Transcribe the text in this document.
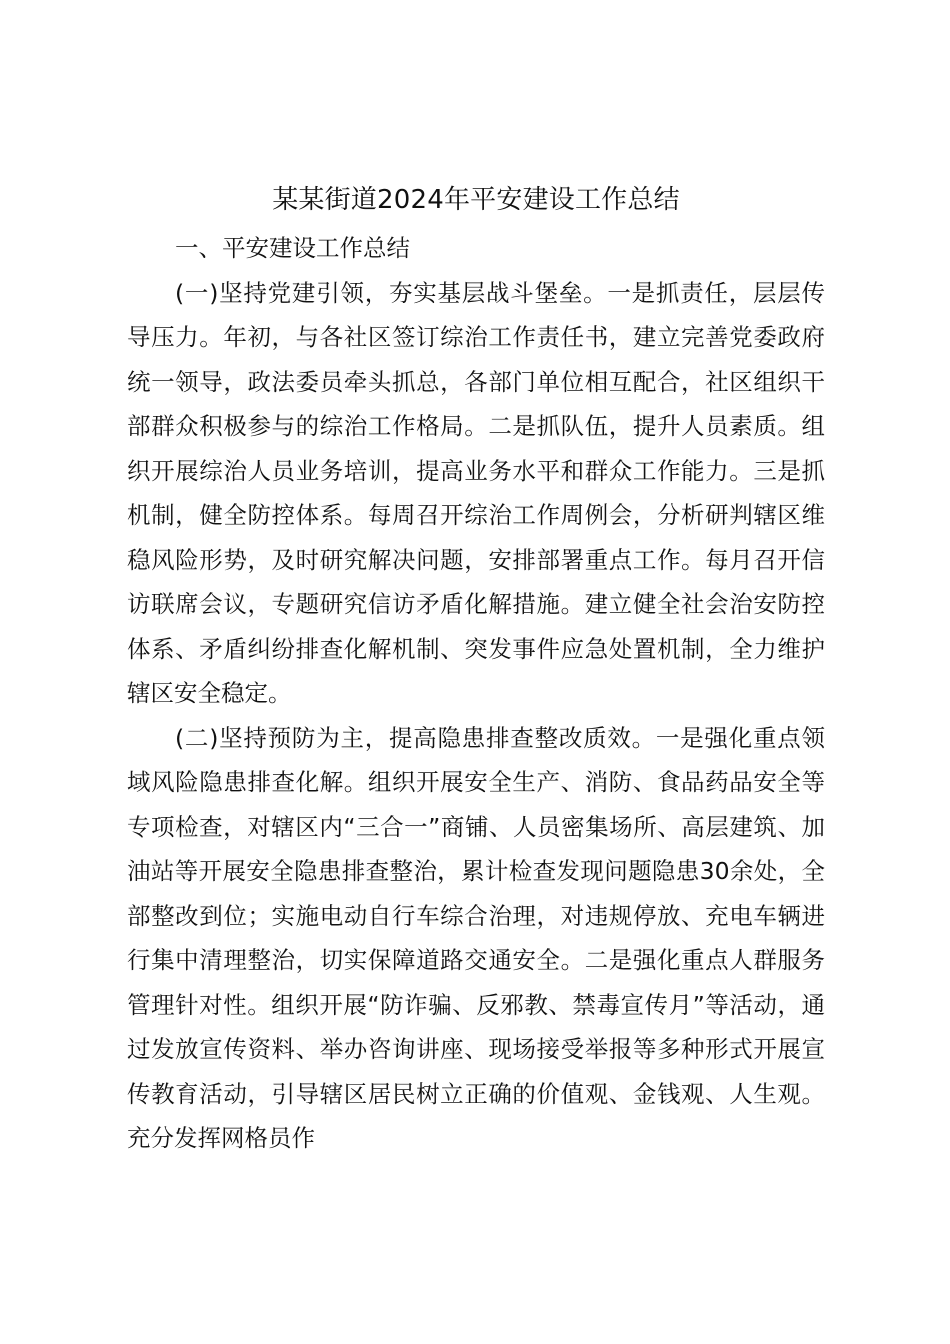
某某街道2024年平安建设工作总结

一、平安建设工作总结

(一)坚持党建引领，夯实基层战斗堡垒。一是抓责任，层层传导压力。年初，与各社区签订综治工作责任书，建立完善党委政府统一领导，政法委员牵头抓总，各部门单位相互配合，社区组织干部群众积极参与的综治工作格局。二是抓队伍，提升人员素质。组织开展综治人员业务培训，提高业务水平和群众工作能力。三是抓机制，健全防控体系。每周召开综治工作周例会，分析研判辖区维稳风险形势，及时研究解决问题，安排部署重点工作。每月召开信访联席会议，专题研究信访矛盾化解措施。建立健全社会治安防控体系、矛盾纠纷排查化解机制、突发事件应急处置机制，全力维护辖区安全稳定。

(二)坚持预防为主，提高隐患排查整改质效。一是强化重点领域风险隐患排查化解。组织开展安全生产、消防、食品药品安全等专项检查，对辖区内“三合一”商铺、人员密集场所、高层建筑、加油站等开展安全隐患排查整治，累计检查发现问题隐患30余处，全部整改到位；实施电动自行车综合治理，对违规停放、充电车辆进行集中清理整治，切实保障道路交通安全。二是强化重点人群服务管理针对性。组织开展“防诈骗、反邪教、禁毒宣传月”等活动，通过发放宣传资料、举办咨询讲座、现场接受举报等多种形式开展宣传教育活动，引导辖区居民树立正确的价值观、金钱观、人生观。充分发挥网格员作
